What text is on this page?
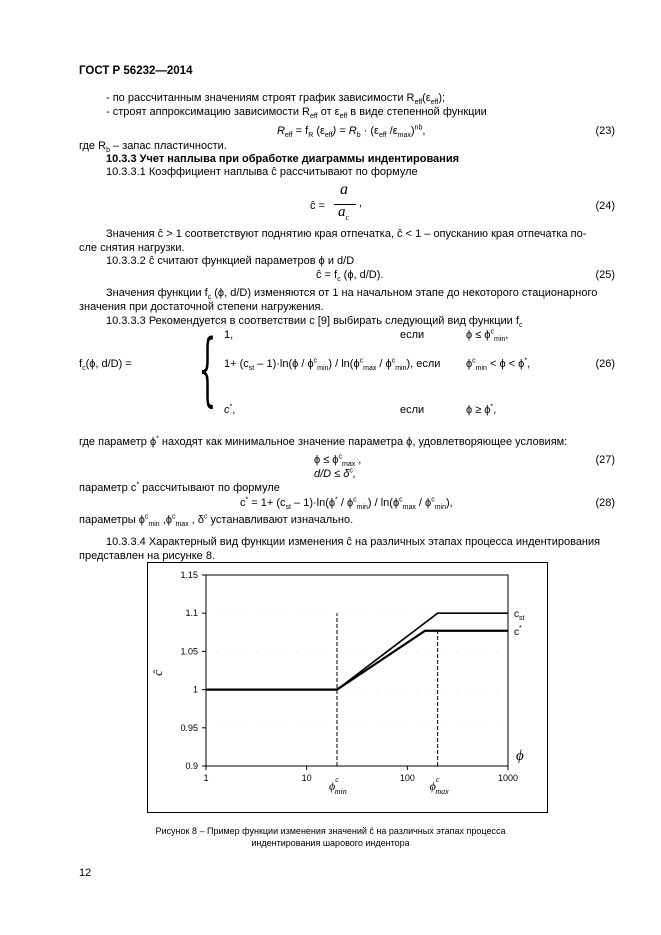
ГОСТ Р 56232—2014
- по рассчитанным значениям строят график зависимости $R_{eff}(\varepsilon_{eff})$;
- строят аппроксимацию зависимости $R_{eff}$ от $\varepsilon_{eff}$ в виде степенной функции
$R_{eff} = f_R$ $(\varepsilon_{eff}) = R_b \cdot (\varepsilon_{eff}$ $/\varepsilon_{max})^{nb}$,	(23)
где $R_b$ – запас пластичности.
10.3.3 Учет наплыва при обработке диаграммы индентирования
10.3.3.1 Коэффициент наплыва ĉ рассчитывают по формуле
ĉ =
a
$a_c$
,	(24)
Значения ĉ > 1 соответствуют поднятию края отпечатка, ĉ < 1 – опусканию края отпечатка по-
сле снятия нагрузки.
10.3.3.2 ĉ считают функцией параметров ϕ и d/D
ĉ = $f_c$ (ϕ, d/D).	(25)
Значения функции $f_c$ (ϕ, d/D) изменяются от 1 на начальном этапе до некоторого стационарного
значения при достаточной степени нагружения.
10.3.3.3 Рекомендуется в соответствии с [9] выбирать следующий вид функции $f_c$
$f_c(\phi$, d/D) = { 1,
$1+ (c_{st} - 1)\cdot\ln(\phi / \phi^c_{min}) / \ln(\phi^c_{max} / \phi^c_{min})$, если
c*,
если
если
$\phi \le \phi^c_{min}$,
$\phi^c_{min} < \phi < \phi^*$,
ϕ ≥ ϕ*,
(26)
где параметр ϕ* находят как минимальное значение параметра ϕ, удовлетворяющее условиям:
$\phi \le \phi^c_{max}$ ,	(27)
$d/D \le \delta^c$,
параметр c* рассчитывают по формуле
$c^* = 1+ (c_{st} - 1)\cdot\ln(\phi^* / \phi^c_{min}) / \ln(\phi^c_{max} / \phi^c_{min})$,	(28)
параметры $\phi^c_{min}$ $,\phi^c_{max}$ , $\delta^c$ устанавливают изначально.
10.3.3.4 Характерный вид функции изменения ĉ на различных этапах процесса индентирования
представлен на рисунке 8.
0.9
0.95
1
1.05
1.1
1.15
1	10	100	1000
ĉ
ϕ
$\phi^c$ min	$\phi^c$ max
$c_{st}$
c*
Рисунок 8 – Пример функции изменения значений ĉ на различных этапах процесса
индентирования шарового индентора
12
